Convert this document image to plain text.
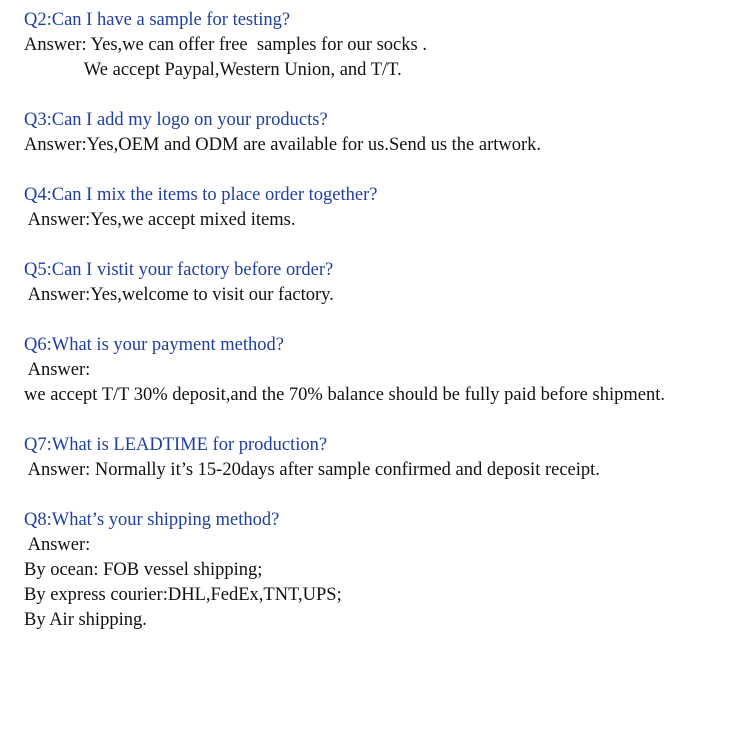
Q2:Can I have a sample for testing?
Answer: Yes,we can offer free  samples for our socks .
We accept Paypal,Western Union, and T/T.
Q3:Can I add my logo on your products?
Answer:Yes,OEM and ODM are available for us.Send us the artwork.
Q4:Can I mix the items to place order together?
Answer:Yes,we accept mixed items.
Q5:Can I vistit your factory before order?
Answer:Yes,welcome to visit our factory.
Q6:What is your payment method?
Answer:
we accept T/T 30% deposit,and the 70% balance should be fully paid before shipment.
Q7:What is LEADTIME for production?
Answer: Normally it’s 15-20days after sample confirmed and deposit receipt.
Q8:What’s your shipping method?
Answer:
By ocean: FOB vessel shipping;
By express courier:DHL,FedEx,TNT,UPS;
By Air shipping.
